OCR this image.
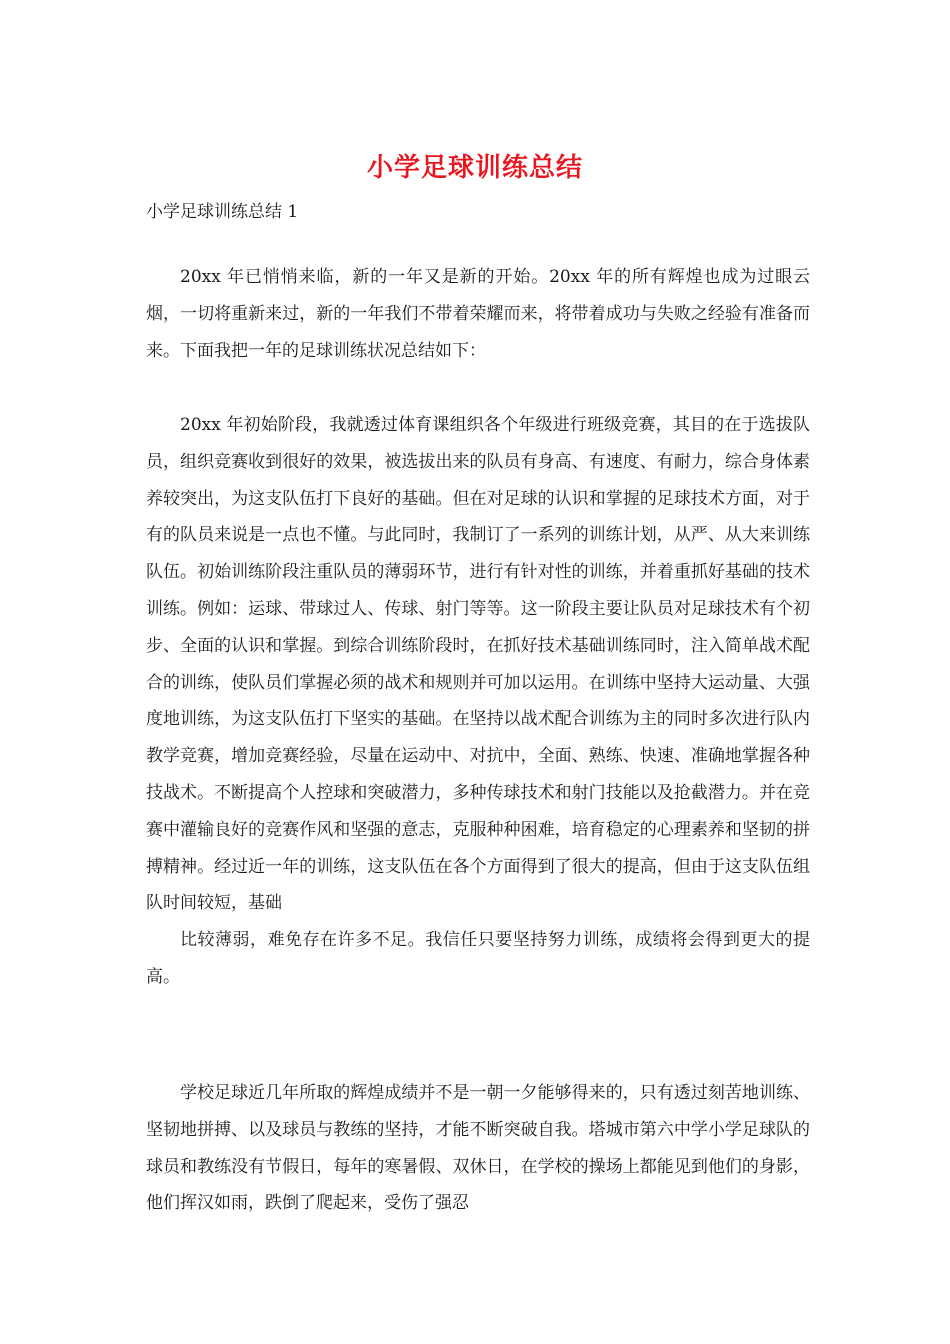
小学足球训练总结
小学足球训练总结 1

20xx 年已悄悄来临，新的一年又是新的开始。20xx 年的所有辉煌也成为过眼云烟，一切将重新来过，新的一年我们不带着荣耀而来，将带着成功与失败之经验有准备而来。下面我把一年的足球训练状况总结如下：

20xx 年初始阶段，我就透过体育课组织各个年级进行班级竞赛，其目的在于选拔队员，组织竞赛收到很好的效果，被选拔出来的队员有身高、有速度、有耐力，综合身体素养较突出，为这支队伍打下良好的基础。但在对足球的认识和掌握的足球技术方面，对于有的队员来说是一点也不懂。与此同时，我制订了一系列的训练计划，从严、从大来训练队伍。初始训练阶段注重队员的薄弱环节，进行有针对性的训练，并着重抓好基础的技术训练。例如：运球、带球过人、传球、射门等等。这一阶段主要让队员对足球技术有个初步、全面的认识和掌握。到综合训练阶段时，在抓好技术基础训练同时，注入简单战术配合的训练，使队员们掌握必须的战术和规则并可加以运用。在训练中坚持大运动量、大强度地训练，为这支队伍打下坚实的基础。在坚持以战术配合训练为主的同时多次进行队内教学竞赛，增加竞赛经验，尽量在运动中、对抗中，全面、熟练、快速、准确地掌握各种技战术。不断提高个人控球和突破潜力，多种传球技术和射门技能以及抢截潜力。并在竞赛中灌输良好的竞赛作风和坚强的意志，克服种种困难，培育稳定的心理素养和坚韧的拼搏精神。经过近一年的训练，这支队伍在各个方面得到了很大的提高，但由于这支队伍组队时间较短，基础

比较薄弱，难免存在许多不足。我信任只要坚持努力训练，成绩将会得到更大的提高。

学校足球近几年所取的辉煌成绩并不是一朝一夕能够得来的，只有透过刻苦地训练、坚韧地拼搏、以及球员与教练的坚持，才能不断突破自我。塔城市第六中学小学足球队的球员和教练没有节假日，每年的寒暑假、双休日，在学校的操场上都能见到他们的身影，他们挥汉如雨，跌倒了爬起来，受伤了强忍
